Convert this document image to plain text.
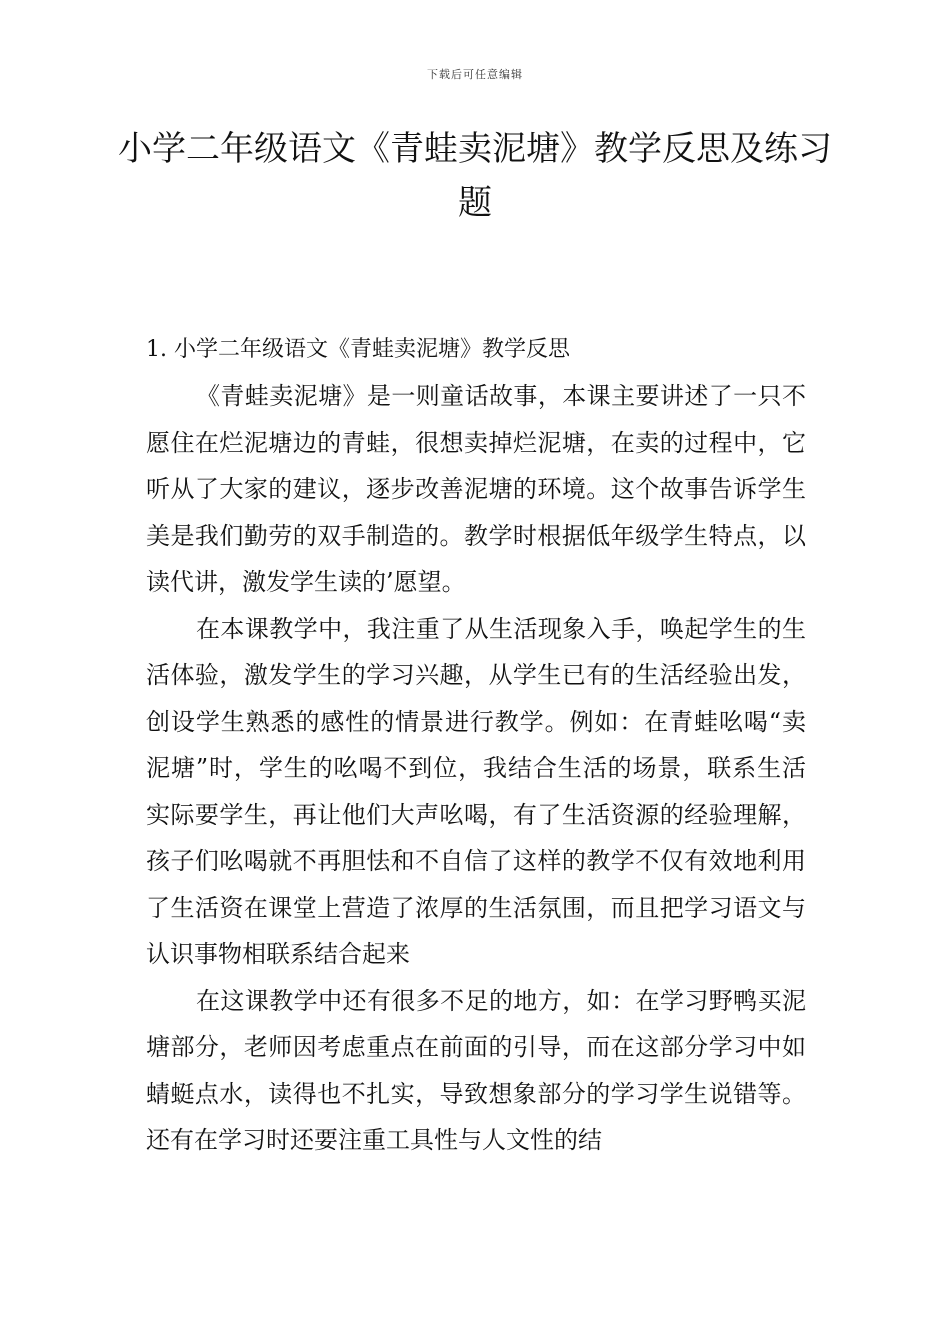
下载后可任意编辑
小学二年级语文《青蛙卖泥塘》教学反思及练习题

1. 小学二年级语文《青蛙卖泥塘》教学反思

《青蛙卖泥塘》是一则童话故事，本课主要讲述了一只不愿住在烂泥塘边的青蛙，很想卖掉烂泥塘，在卖的过程中，它听从了大家的建议，逐步改善泥塘的环境。这个故事告诉学生美是我们勤劳的双手制造的。教学时根据低年级学生特点，以读代讲，激发学生读的’愿望。

在本课教学中，我注重了从生活现象入手，唤起学生的生活体验，激发学生的学习兴趣，从学生已有的生活经验出发，创设学生熟悉的感性的情景进行教学。例如：在青蛙吆喝“卖泥塘”时，学生的吆喝不到位，我结合生活的场景，联系生活实际要学生，再让他们大声吆喝，有了生活资源的经验理解，孩子们吆喝就不再胆怯和不自信了这样的教学不仅有效地利用了生活资在课堂上营造了浓厚的生活氛围，而且把学习语文与认识事物相联系结合起来

在这课教学中还有很多不足的地方，如：在学习野鸭买泥塘部分，老师因考虑重点在前面的引导，而在这部分学习中如蜻蜓点水，读得也不扎实，导致想象部分的学习学生说错等。还有在学习时还要注重工具性与人文性的结
